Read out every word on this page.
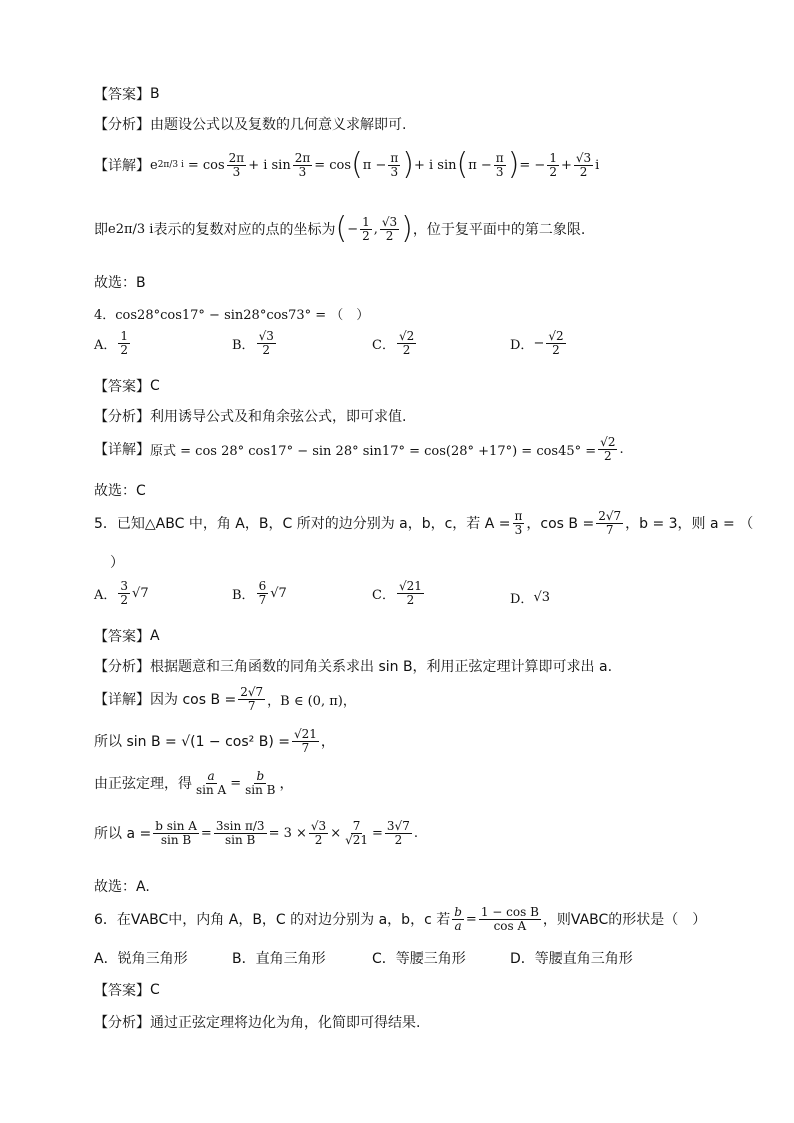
【答案】 B
【分析】 由题设公式以及复数的几何意义求解即可.
【详解】 e 2π/3 $i = \cos \frac{2\pi}{3} + i$ $\sin \frac{2\pi}{3} = \cos$ ( $\pi - \frac{\pi}{3}$ ) + i sin ( $\pi - \frac{\pi}{3}$ ) = − $\frac{1}{2} + \frac{√3}{2}$ i
即 e 2π/3 i 表示的复数对应的点的坐标为 ( − $\frac{1}{2}$ , $\frac{√3}{2}$ ) ，位于复平面中的第二象限.
故选：B
4．cos28°cos17° − sin28°cos73° = （　）
A． $\frac{1}{2}$	B． $\frac{√3}{2}$	C． $\frac{√2}{2}$	D． − $\frac{√2}{2}$
【答案】 C
【分析】 利用诱导公式及和角余弦公式，即可求值.
【详解】 原式 = cos 28° cos17° − sin 28° $\sin 17^\circ = \cos(28^\circ +17^\circ) = \cos 45^\circ = \frac{√2}{2}$ .
故选：C
5．已知△ABC 中，角 A，B，C 所对的边分别为 a，b，c，若 $A = \frac{\pi}{3}$ ，$\cos B = \frac{2√7}{7}$ ，b = 3，则 a = （
）
A． $\frac{3}{2} √7$	B． $\frac{6}{7} √7$	C． $\frac{√21}{2}$	D． √3
【答案】 A
【分析】 根据题意和三角函数的同角关系求出 sin B，利用正弦定理计算即可求出 a.
【详解】 因为 $\cos B = \frac{2√7}{7}$ ，B ∈ (0, π)，
所以 sin B = √(1 − cos² $B) = \frac{√21}{7}$ ，
由正弦定理，得 $\frac{a}{\text{sin A}} = \frac{b}{\text{sin B}}$ ，
所以 $a = \frac{\text{b sin A}}{\text{sin B}} = \frac{\text{3sin π/3}}{\text{sin B}} = 3 \times \frac{√3}{2} \times \frac{7}{√21} = \frac{3√7}{2}$ .
故选：A.
6．在VABC中，内角 A，B，C 的对边分别为 a，b，c 若 $\frac{b}{a} = \frac{\text{1 − cos B}}{\text{cos A}}$ ，则VABC的形状是（　）
A． 锐角三角形	B． 直角三角形	C． 等腰三角形	D． 等腰直角三角形
【答案】 C
【分析】 通过正弦定理将边化为角，化简即可得结果.
